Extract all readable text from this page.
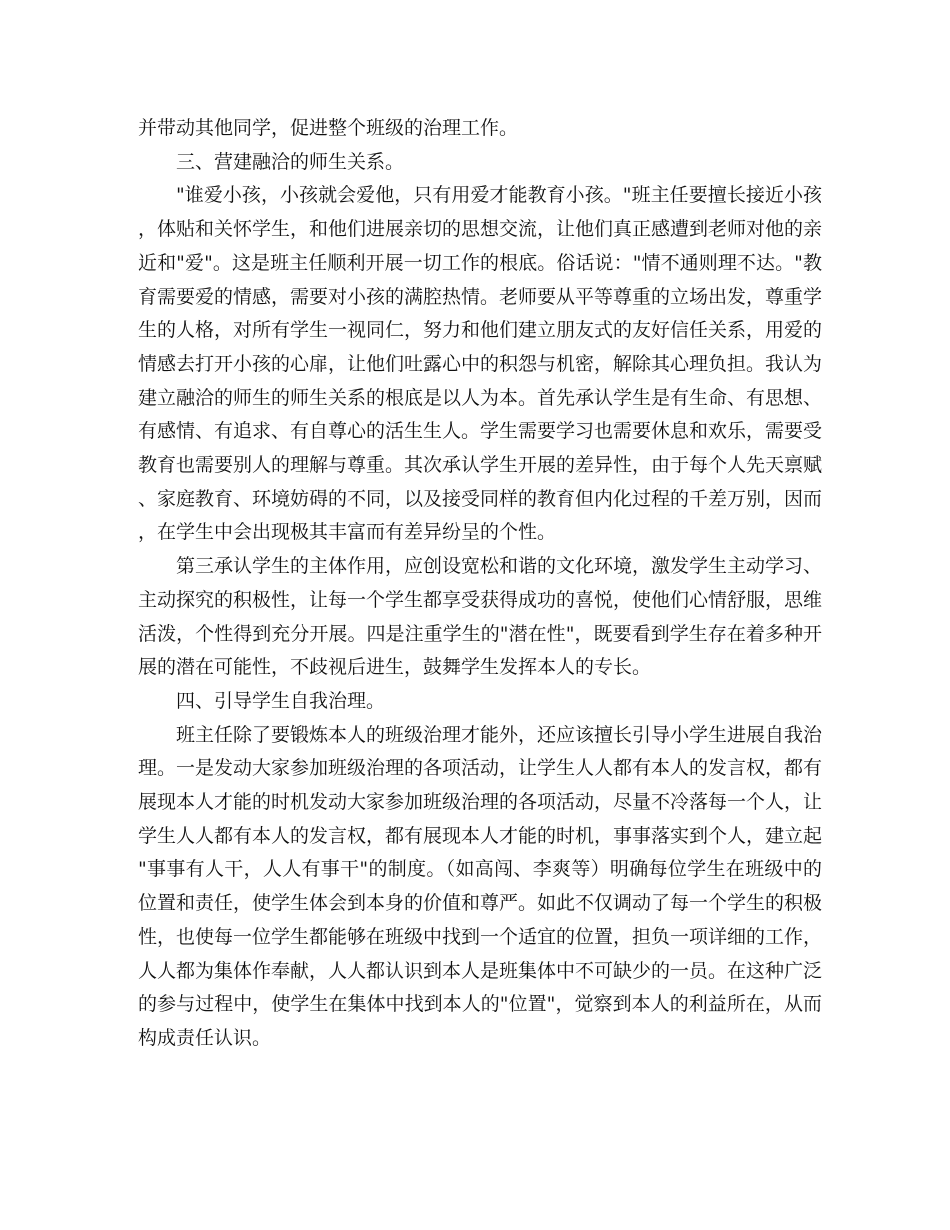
并带动其他同学，促进整个班级的治理工作。

三、营建融洽的师生关系。

"谁爱小孩，小孩就会爱他，只有用爱才能教育小孩。"班主任要擅长接近小孩，体贴和关怀学生，和他们进展亲切的思想交流，让他们真正感遭到老师对他的亲近和"爱"。这是班主任顺利开展一切工作的根底。俗话说："情不通则理不达。"教育需要爱的情感，需要对小孩的满腔热情。老师要从平等尊重的立场出发，尊重学生的人格，对所有学生一视同仁，努力和他们建立朋友式的友好信任关系，用爱的情感去打开小孩的心扉，让他们吐露心中的积怨与机密，解除其心理负担。我认为建立融洽的师生的师生关系的根底是以人为本。首先承认学生是有生命、有思想、有感情、有追求、有自尊心的活生生人。学生需要学习也需要休息和欢乐，需要受教育也需要别人的理解与尊重。其次承认学生开展的差异性，由于每个人先天禀赋、家庭教育、环境妨碍的不同，以及接受同样的教育但内化过程的千差万别，因而，在学生中会出现极其丰富而有差异纷呈的个性。

第三承认学生的主体作用，应创设宽松和谐的文化环境，激发学生主动学习、主动探究的积极性，让每一个学生都享受获得成功的喜悦，使他们心情舒服，思维活泼，个性得到充分开展。四是注重学生的"潜在性"，既要看到学生存在着多种开展的潜在可能性，不歧视后进生，鼓舞学生发挥本人的专长。

四、引导学生自我治理。

班主任除了要锻炼本人的班级治理才能外，还应该擅长引导小学生进展自我治理。一是发动大家参加班级治理的各项活动，让学生人人都有本人的发言权，都有展现本人才能的时机发动大家参加班级治理的各项活动，尽量不冷落每一个人，让学生人人都有本人的发言权，都有展现本人才能的时机，事事落实到个人，建立起"事事有人干，人人有事干"的制度。（如高闯、李爽等）明确每位学生在班级中的位置和责任，使学生体会到本身的价值和尊严。如此不仅调动了每一个学生的积极性，也使每一位学生都能够在班级中找到一个适宜的位置，担负一项详细的工作，人人都为集体作奉献，人人都认识到本人是班集体中不可缺少的一员。在这种广泛的参与过程中，使学生在集体中找到本人的"位置"，觉察到本人的利益所在，从而构成责任认识。
